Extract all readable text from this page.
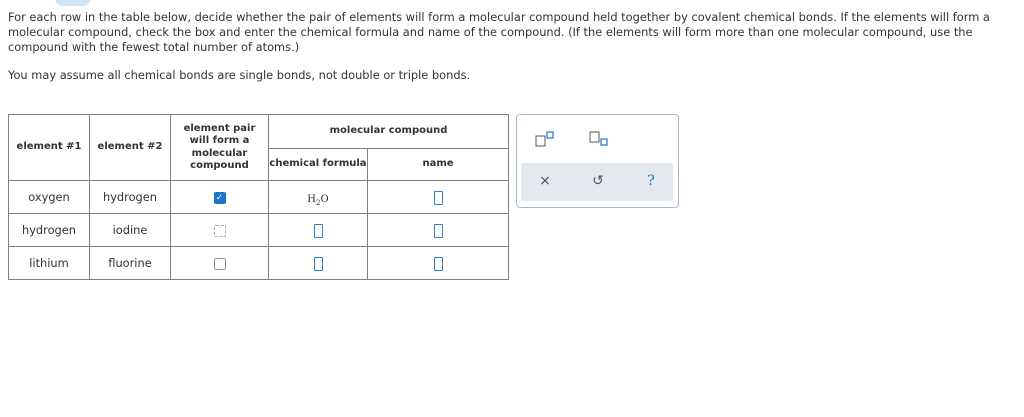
For each row in the table below, decide whether the pair of elements will form a molecular compound held together by covalent chemical bonds. If the elements will form a molecular compound, check the box and enter the chemical formula and name of the compound. (If the elements will form more than one molecular compound, use the compound with the fewest total number of atoms.)
You may assume all chemical bonds are single bonds, not double or triple bonds.
element #1	element #2	element pair will form a molecular compound	molecular compound	
			chemical formula	name
oxygen	hydrogen	✓	$H_2O$	
hydrogen	iodine			
lithium	fluorine			
×	↺	?
